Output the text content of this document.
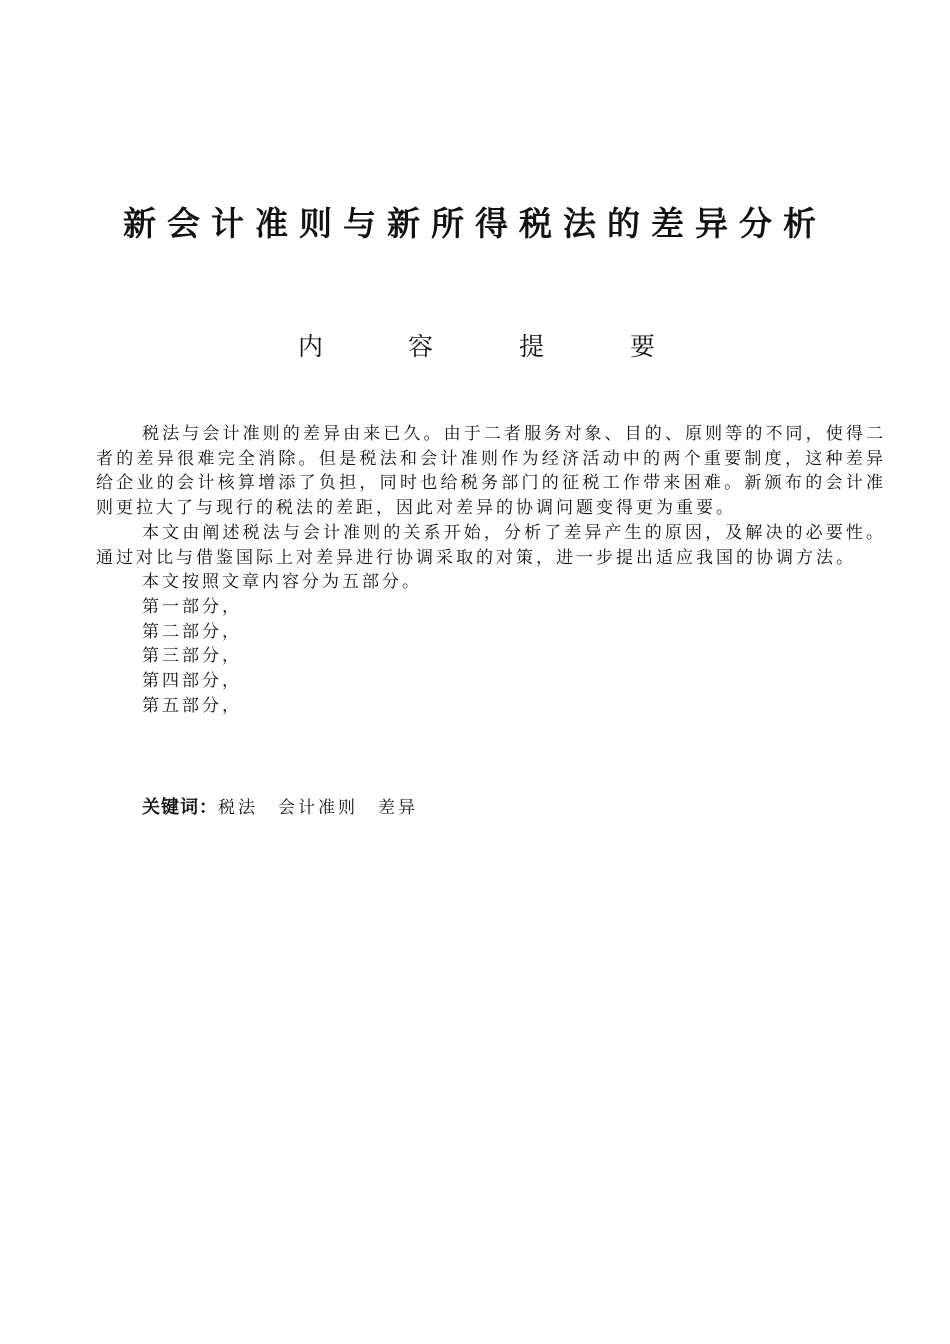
新会计准则与新所得税法的差异分析
内	容	提	要

税法与会计准则的差异由来已久。由于二者服务对象、目的、原则等的不同，使得二者的差异很难完全消除。但是税法和会计准则作为经济活动中的两个重要制度，这种差异给企业的会计核算增添了负担，同时也给税务部门的征税工作带来困难。新颁布的会计准则更拉大了与现行的税法的差距，因此对差异的协调问题变得更为重要。

本文由阐述税法与会计准则的关系开始，分析了差异产生的原因，及解决的必要性。通过对比与借鉴国际上对差异进行协调采取的对策，进一步提出适应我国的协调方法。

本文按照文章内容分为五部分。

第一部分，

第二部分，

第三部分，

第四部分，

第五部分，

关键词：税法 会计准则 差异
